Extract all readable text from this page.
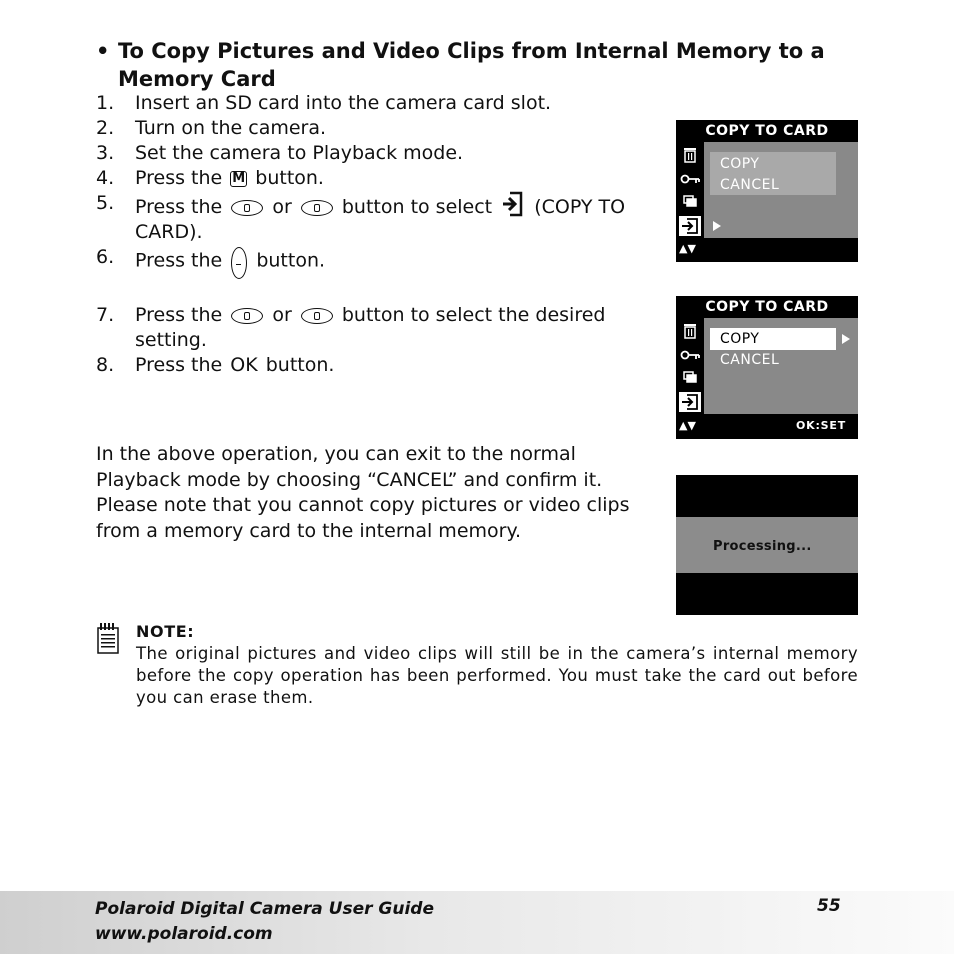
• To Copy Pictures and Video Clips from Internal Memory to a Memory Card
1. Insert an SD card into the camera card slot.
2. Turn on the camera.
3. Set the camera to Playback mode.
4. Press the M button.
5. Press the	or	button to select (COPY TO CARD).
6. Press the button.
7. Press the	or	button to select the desired setting.
8. Press the OK button.
In the above operation, you can exit to the normal Playback mode by choosing “CANCEL” and confirm it. Please note that you cannot copy pictures or video clips from a memory card to the internal memory.
COPY TO CARD
COPY
CANCEL
▲▼
COPY TO CARD
COPY
CANCEL
▲▼	OK:SET
Processing...
NOTE:
The original pictures and video clips will still be in the camera’s internal memory before the copy operation has been performed. You must take the card out before you can erase them.
Polaroid Digital Camera User Guide
www.polaroid.com
55
